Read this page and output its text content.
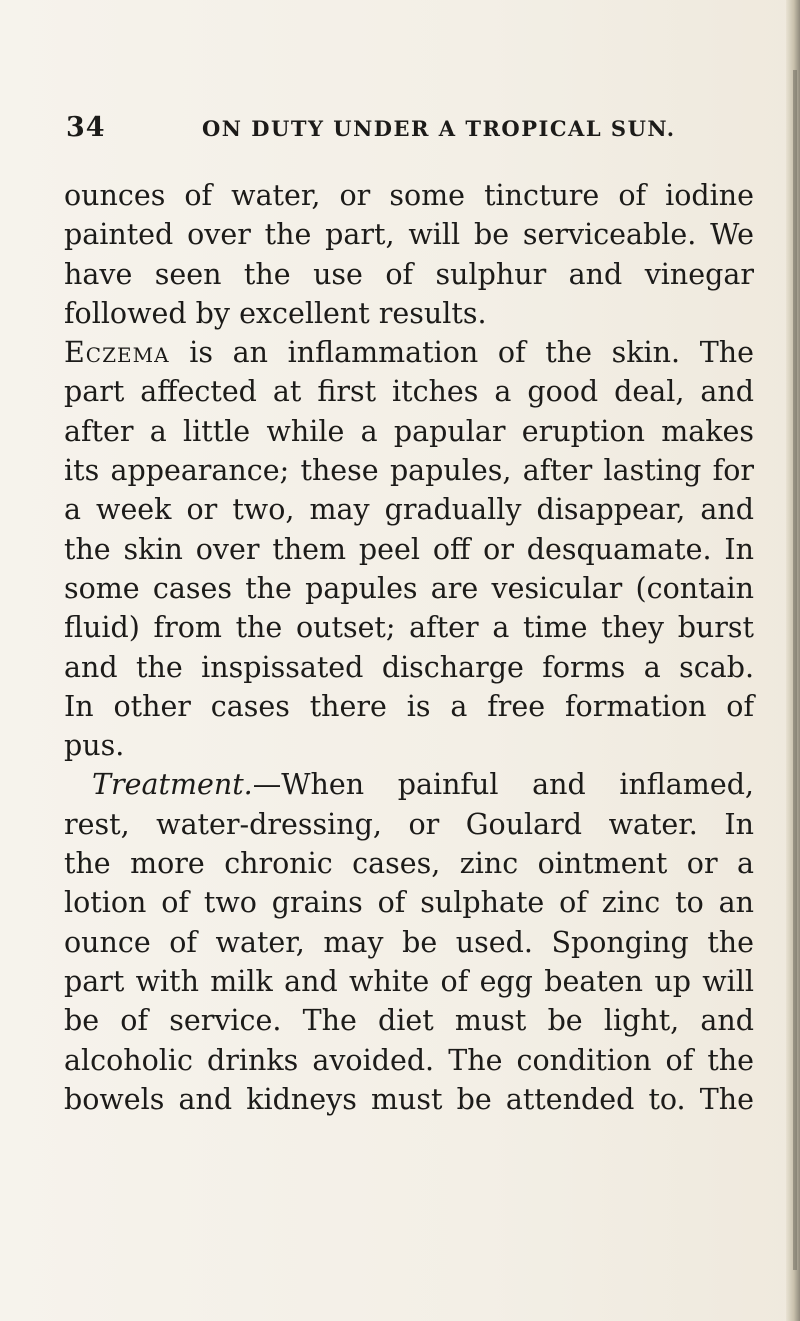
34	ON DUTY UNDER A TROPICAL SUN.
ounces of water, or some tincture of iodine
painted over the part, will be serviceable. We
have seen the use of sulphur and vinegar
followed by excellent results.
Eczema is an inflammation of the skin. The
part affected at first itches a good deal, and
after a little while a papular eruption makes
its appearance; these papules, after lasting for
a week or two, may gradually disappear, and
the skin over them peel off or desquamate. In
some cases the papules are vesicular (contain
fluid) from the outset; after a time they burst
and the inspissated discharge forms a scab.
In other cases there is a free formation of
pus.
Treatment.—When painful and inflamed,
rest, water-dressing, or Goulard water. In
the more chronic cases, zinc ointment or a
lotion of two grains of sulphate of zinc to an
ounce of water, may be used. Sponging the
part with milk and white of egg beaten up will
be of service. The diet must be light, and
alcoholic drinks avoided. The condition of the
bowels and kidneys must be attended to. The
